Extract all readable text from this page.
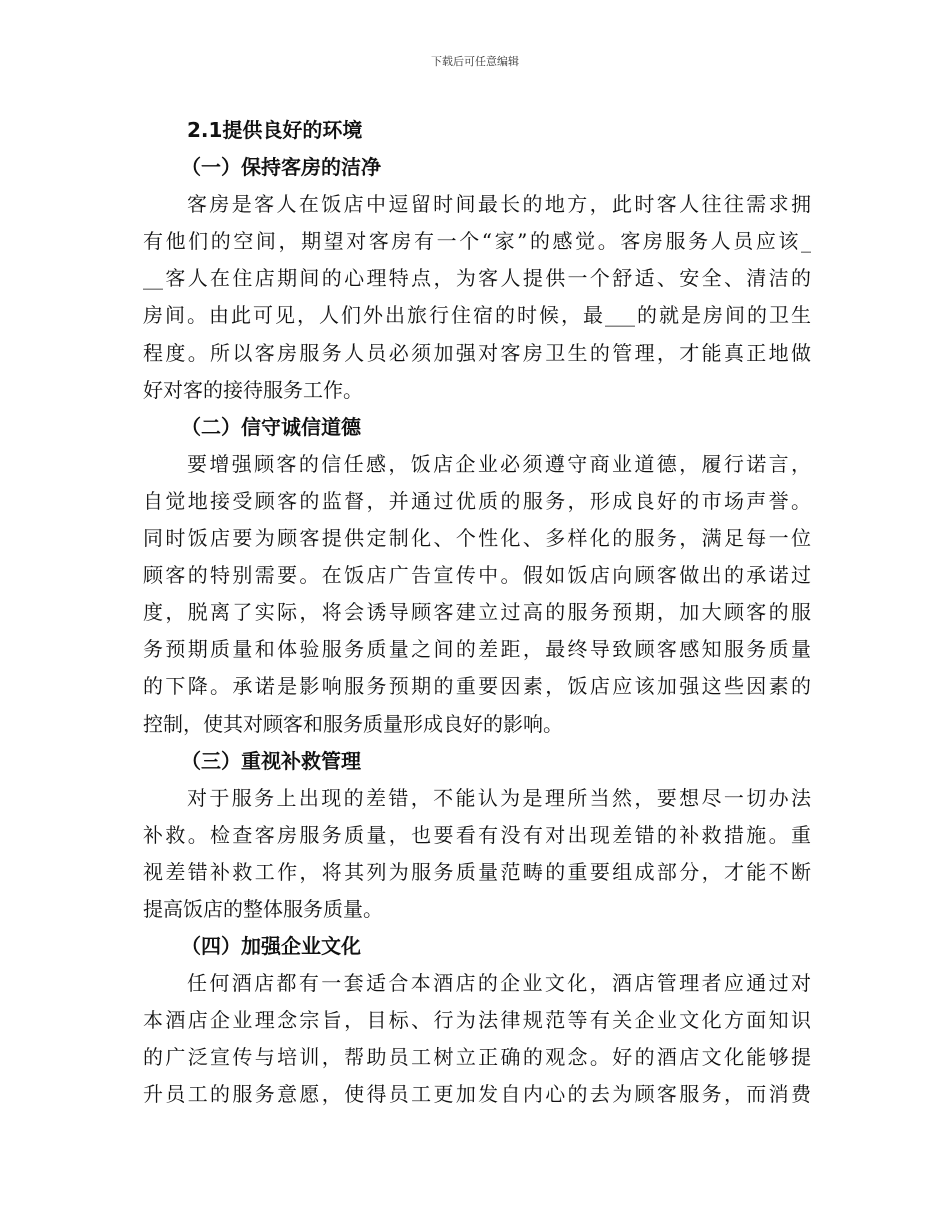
下载后可任意编辑
2.1提供良好的环境
（一）保持客房的洁净
客房是客人在饭店中逗留时间最长的地方，此时客人往往需求拥
有他们的空间，期望对客房有一个“家”的感觉。客房服务人员应该_
__客人在住店期间的心理特点，为客人提供一个舒适、安全、清洁的
房间。由此可见，人们外出旅行住宿的时候，最___的就是房间的卫生
程度。所以客房服务人员必须加强对客房卫生的管理，才能真正地做
好对客的接待服务工作。
（二）信守诚信道德
要增强顾客的信任感，饭店企业必须遵守商业道德，履行诺言，
自觉地接受顾客的监督，并通过优质的服务，形成良好的市场声誉。
同时饭店要为顾客提供定制化、个性化、多样化的服务，满足每一位
顾客的特别需要。在饭店广告宣传中。假如饭店向顾客做出的承诺过
度，脱离了实际，将会诱导顾客建立过高的服务预期，加大顾客的服
务预期质量和体验服务质量之间的差距，最终导致顾客感知服务质量
的下降。承诺是影响服务预期的重要因素，饭店应该加强这些因素的
控制，使其对顾客和服务质量形成良好的影响。
（三）重视补救管理
对于服务上出现的差错，不能认为是理所当然，要想尽一切办法
补救。检查客房服务质量，也要看有没有对出现差错的补救措施。重
视差错补救工作，将其列为服务质量范畴的重要组成部分，才能不断
提高饭店的整体服务质量。
（四）加强企业文化
任何酒店都有一套适合本酒店的企业文化，酒店管理者应通过对
本酒店企业理念宗旨，目标、行为法律规范等有关企业文化方面知识
的广泛宣传与培训，帮助员工树立正确的观念。好的酒店文化能够提
升员工的服务意愿，使得员工更加发自内心的去为顾客服务，而消费
